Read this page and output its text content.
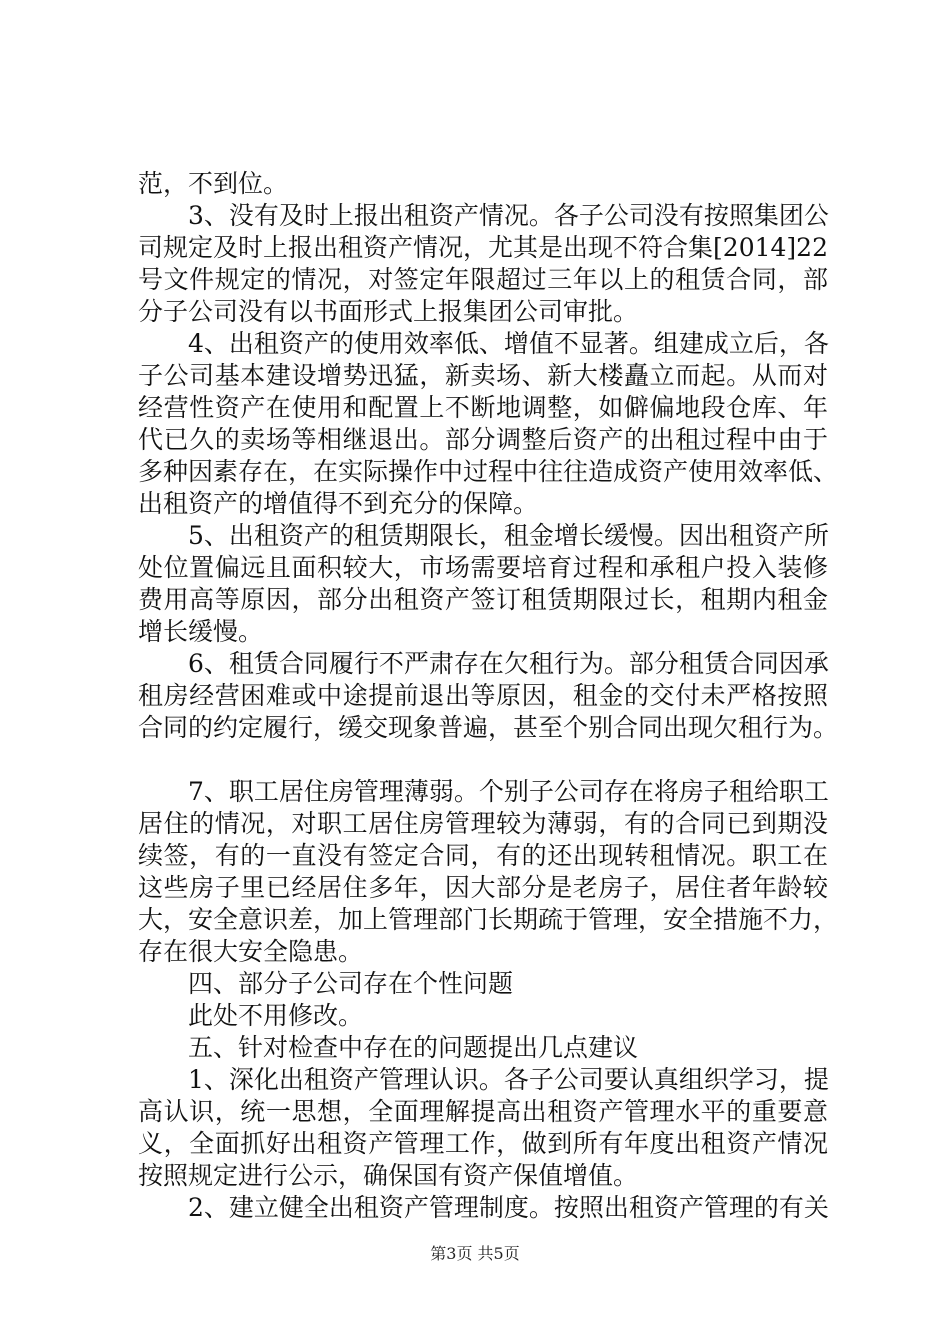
范，不到位。
3、没有及时上报出租资产情况。各子公司没有按照集团公
司规定及时上报出租资产情况，尤其是出现不符合集[2014]22
号文件规定的情况，对签定年限超过三年以上的租赁合同，部
分子公司没有以书面形式上报集团公司审批。
4、出租资产的使用效率低、增值不显著。组建成立后，各
子公司基本建设增势迅猛，新卖场、新大楼矗立而起。从而对
经营性资产在使用和配置上不断地调整，如僻偏地段仓库、年
代已久的卖场等相继退出。部分调整后资产的出租过程中由于
多种因素存在，在实际操作中过程中往往造成资产使用效率低、
出租资产的增值得不到充分的保障。
5、出租资产的租赁期限长，租金增长缓慢。因出租资产所
处位置偏远且面积较大，市场需要培育过程和承租户投入装修
费用高等原因，部分出租资产签订租赁期限过长，租期内租金
增长缓慢。
6、租赁合同履行不严肃存在欠租行为。部分租赁合同因承
租房经营困难或中途提前退出等原因，租金的交付未严格按照
合同的约定履行，缓交现象普遍，甚至个别合同出现欠租行为。
7、职工居住房管理薄弱。个别子公司存在将房子租给职工
居住的情况，对职工居住房管理较为薄弱，有的合同已到期没
续签，有的一直没有签定合同，有的还出现转租情况。职工在
这些房子里已经居住多年，因大部分是老房子，居住者年龄较
大，安全意识差，加上管理部门长期疏于管理，安全措施不力，
存在很大安全隐患。
四、部分子公司存在个性问题
此处不用修改。
五、针对检查中存在的问题提出几点建议
1、深化出租资产管理认识。各子公司要认真组织学习，提
高认识，统一思想，全面理解提高出租资产管理水平的重要意
义，全面抓好出租资产管理工作，做到所有年度出租资产情况
按照规定进行公示，确保国有资产保值增值。
2、建立健全出租资产管理制度。按照出租资产管理的有关
第3页 共5页
